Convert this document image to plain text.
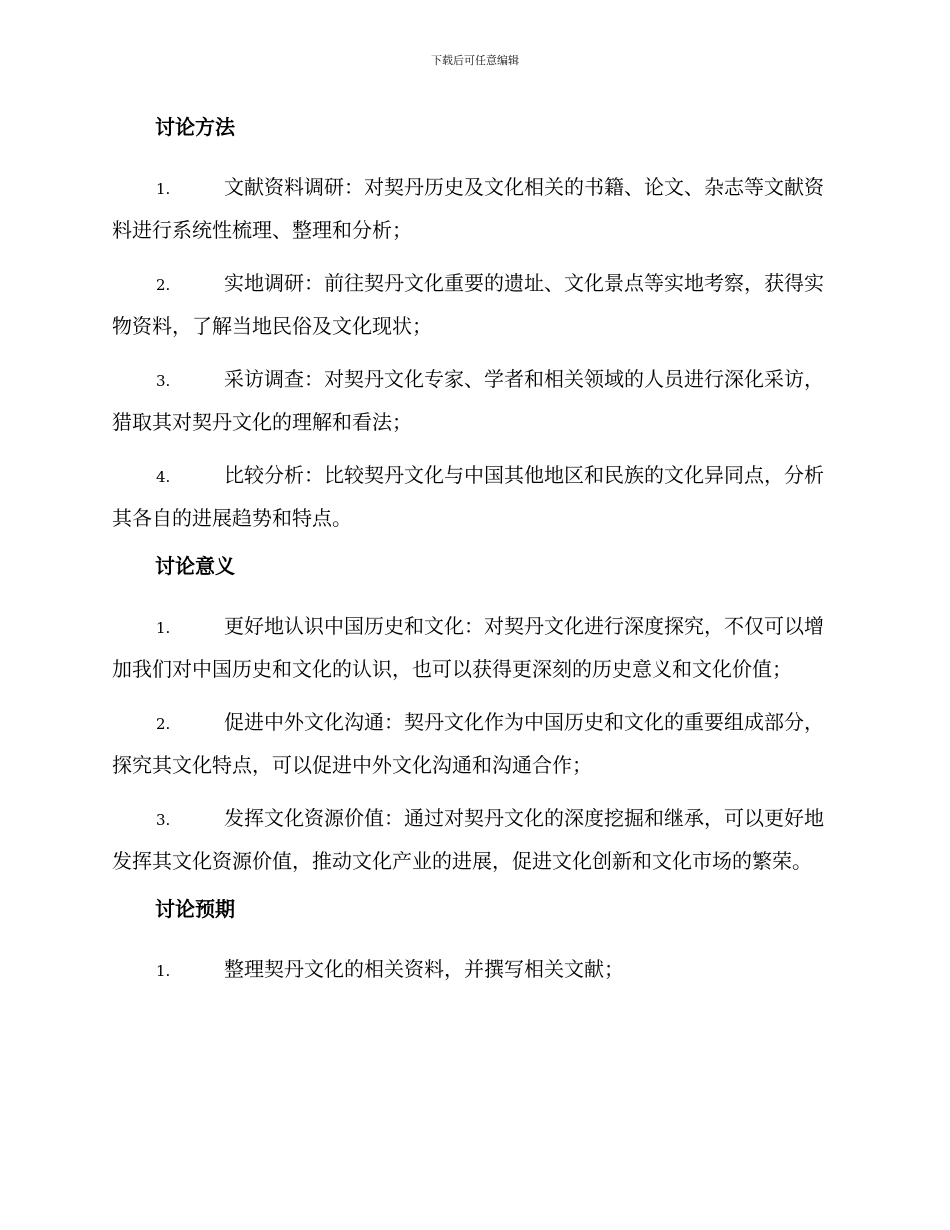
下载后可任意编辑
讨论方法
1.	文献资料调研：对契丹历史及文化相关的书籍、论文、杂志等文献资料进行系统性梳理、整理和分析；
2.	实地调研：前往契丹文化重要的遗址、文化景点等实地考察，获得实物资料，了解当地民俗及文化现状；
3.	采访调查：对契丹文化专家、学者和相关领域的人员进行深化采访，猎取其对契丹文化的理解和看法；
4.	比较分析：比较契丹文化与中国其他地区和民族的文化异同点，分析其各自的进展趋势和特点。
讨论意义
1.	更好地认识中国历史和文化：对契丹文化进行深度探究，不仅可以增加我们对中国历史和文化的认识，也可以获得更深刻的历史意义和文化价值；
2.	促进中外文化沟通：契丹文化作为中国历史和文化的重要组成部分，探究其文化特点，可以促进中外文化沟通和沟通合作；
3.	发挥文化资源价值：通过对契丹文化的深度挖掘和继承，可以更好地发挥其文化资源价值，推动文化产业的进展，促进文化创新和文化市场的繁荣。
讨论预期
1.	整理契丹文化的相关资料，并撰写相关文献；
